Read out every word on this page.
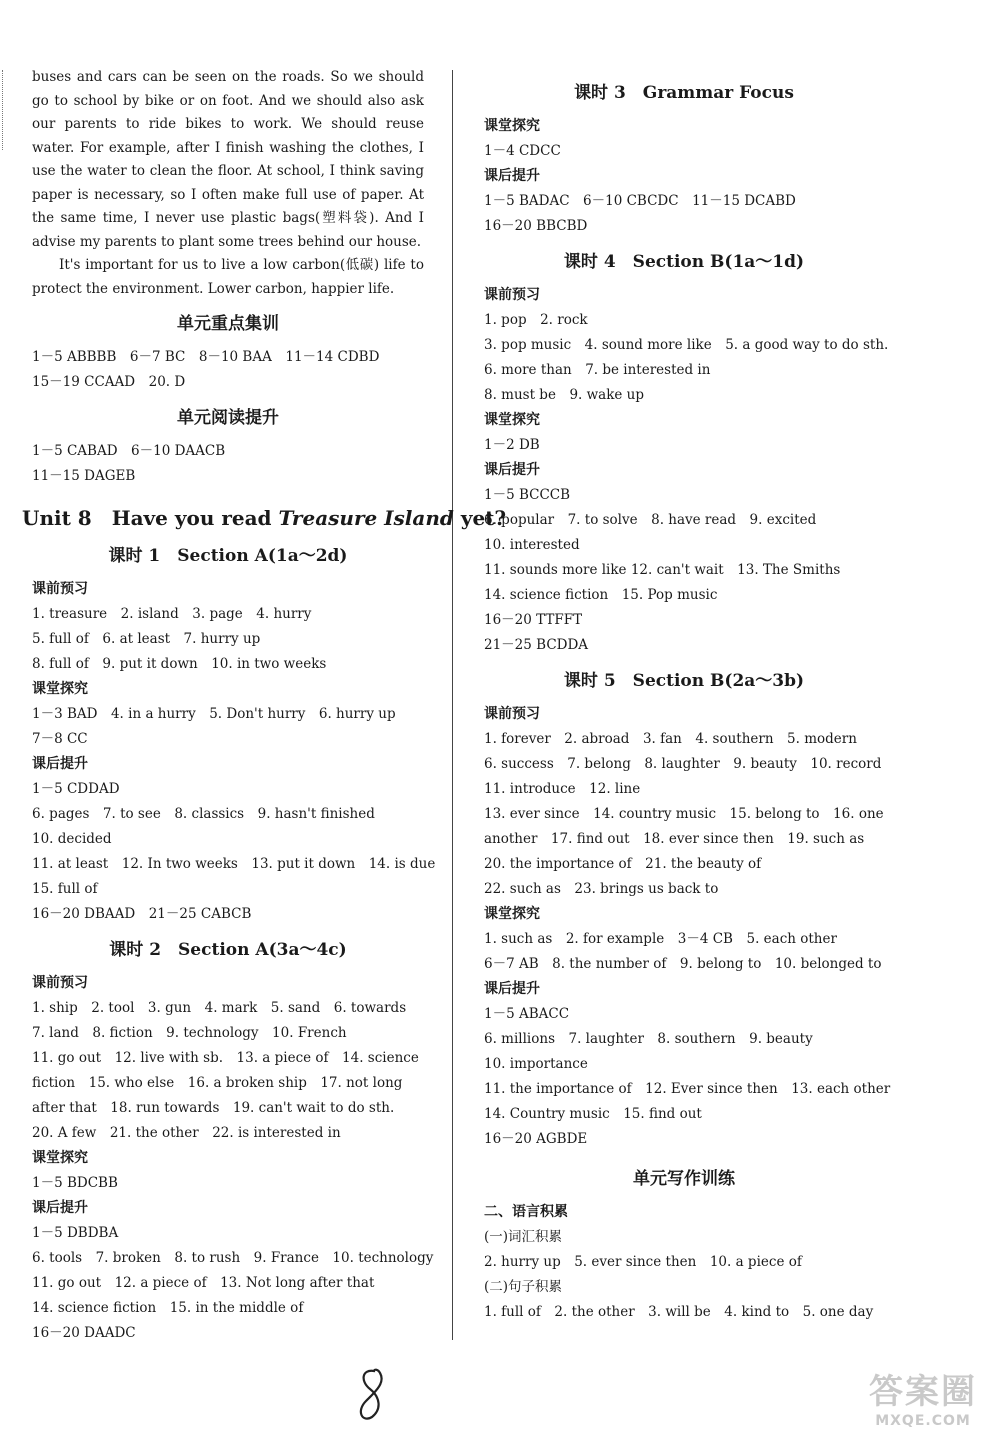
buses and cars can be seen on the roads. So we should go to school by bike or on foot. And we should also ask our parents to ride bikes to work. We should reuse water. For example, after I finish washing the clothes, I use the water to clean the floor. At school, I think saving paper is necessary, so I often make full use of paper. At the same time, I never use plastic bags(塑料袋). And I advise my parents to plant some trees behind our house.

It's important for us to live a low carbon(低碳) life to protect the environment. Lower carbon, happier life.

单元重点集训

1－5 ABBBB　6－7 BC　8－10 BAA　11－14 CDBD

15－19 CCAAD　20. D

单元阅读提升

1－5 CABAD　6－10 DAACB

11－15 DAGEB

Unit 8　Have you read Treasure Island yet?
课时 1　Section A(1a～2d)

课前预习

1. treasure　2. island　3. page　4. hurry

5. full of　6. at least　7. hurry up

8. full of　9. put it down　10. in two weeks

课堂探究

1－3 BAD　4. in a hurry　5. Don't hurry　6. hurry up

7－8 CC

课后提升

1－5 CDDAD

6. pages　7. to see　8. classics　9. hasn't finished

10. decided

11. at least　12. In two weeks　13. put it down　14. is due

15. full of

16－20 DBAAD　21－25 CABCB

课时 2　Section A(3a～4c)

课前预习

1. ship　2. tool　3. gun　4. mark　5. sand　6. towards

7. land　8. fiction　9. technology　10. French

11. go out　12. live with sb.　13. a piece of　14. science

fiction　15. who else　16. a broken ship　17. not long

after that　18. run towards　19. can't wait to do sth.

20. A few　21. the other　22. is interested in

课堂探究

1－5 BDCBB

课后提升

1－5 DBDBA

6. tools　7. broken　8. to rush　9. France　10. technology

11. go out　12. a piece of　13. Not long after that

14. science fiction　15. in the middle of

16－20 DAADC

课时 3　Grammar Focus

课堂探究

1－4 CDCC

课后提升

1－5 BADAC　6－10 CBCDC　11－15 DCABD

16－20 BBCBD

课时 4　Section B(1a～1d)

课前预习

1. pop　2. rock

3. pop music　4. sound more like　5. a good way to do sth.

6. more than　7. be interested in

8. must be　9. wake up

课堂探究

1－2 DB

课后提升

1－5 BCCCB

6. popular　7. to solve　8. have read　9. excited

10. interested

11. sounds more like 12. can't wait　13. The Smiths

14. science fiction　15. Pop music

16－20 TTFFT

21－25 BCDDA

课时 5　Section B(2a～3b)

课前预习

1. forever　2. abroad　3. fan　4. southern　5. modern

6. success　7. belong　8. laughter　9. beauty　10. record

11. introduce　12. line

13. ever since　14. country music　15. belong to　16. one

another　17. find out　18. ever since then　19. such as

20. the importance of　21. the beauty of

22. such as　23. brings us back to

课堂探究

1. such as　2. for example　3－4 CB　5. each other

6－7 AB　8. the number of　9. belong to　10. belonged to

课后提升

1－5 ABACC

6. millions　7. laughter　8. southern　9. beauty

10. importance

11. the importance of　12. Ever since then　13. each other

14. Country music　15. find out

16－20 AGBDE

单元写作训练

二、语言积累

(一)词汇积累

2. hurry up　5. ever since then　10. a piece of

(二)句子积累

1. full of　2. the other　3. will be　4. kind to　5. one day

答案圈
MXQE.COM
